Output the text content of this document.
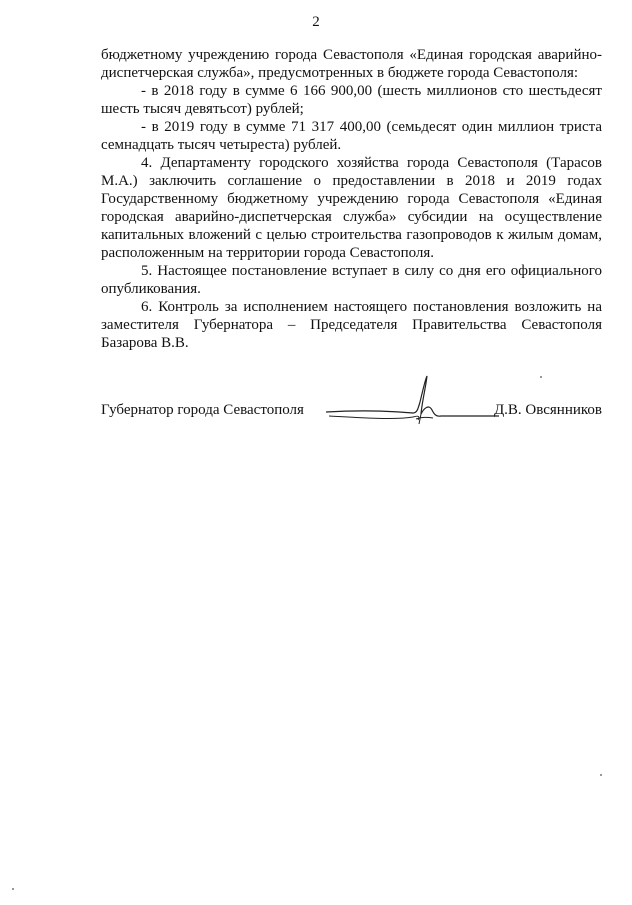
2

бюджетному учреждению города Севастополя «Единая городская аварийно-диспетчерская служба», предусмотренных в бюджете города Севастополя:

- в 2018 году в сумме 6 166 900,00 (шесть миллионов сто шестьдесят шесть тысяч девятьсот) рублей;

- в 2019 году в сумме 71 317 400,00 (семьдесят один миллион триста семнадцать тысяч четыреста) рублей.

4. Департаменту городского хозяйства города Севастополя (Тарасов М.А.) заключить соглашение о предоставлении в 2018 и 2019 годах Государственному бюджетному учреждению города Севастополя «Единая городская аварийно-диспетчерская служба» субсидии на осуществление капитальных вложений с целью строительства газопроводов к жилым домам, расположенным на территории города Севастополя.

5. Настоящее постановление вступает в силу со дня его официального опубликования.

6. Контроль за исполнением настоящего постановления возложить на заместителя Губернатора – Председателя Правительства Севастополя Базарова В.В.

Губернатор города Севастополя	Д.В. Овсянников
